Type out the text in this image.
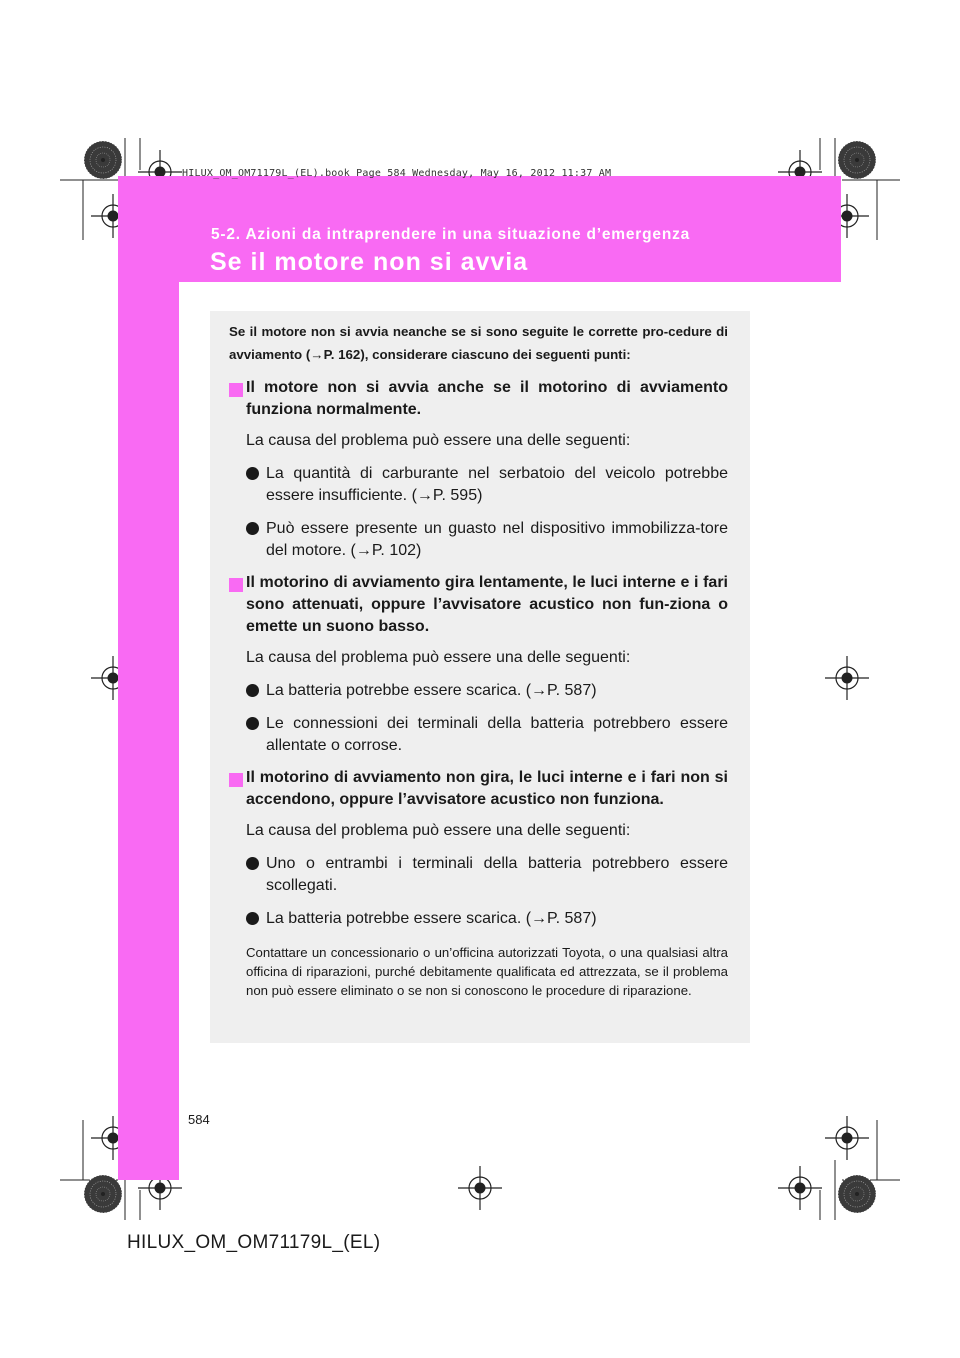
HILUX_OM_OM71179L_(EL).book Page 584 Wednesday, May 16, 2012 11:37 AM
5-2. Azioni da intraprendere in una situazione d’emergenza
Se il motore non si avvia

Se il motore non si avvia neanche se si sono seguite le corrette pro-cedure di avviamento (→P. 162), considerare ciascuno dei seguenti punti:

Il motore non si avvia anche se il motorino di avviamento funziona normalmente.

La causa del problema può essere una delle seguenti:

La quantità di carburante nel serbatoio del veicolo potrebbe essere insufficiente. (→P. 595)
Può essere presente un guasto nel dispositivo immobilizza-tore del motore. (→P. 102)

Il motorino di avviamento gira lentamente, le luci interne e i fari sono attenuati, oppure l’avvisatore acustico non fun-ziona o emette un suono basso.

La causa del problema può essere una delle seguenti:

La batteria potrebbe essere scarica. (→P. 587)
Le connessioni dei terminali della batteria potrebbero essere allentate o corrose.

Il motorino di avviamento non gira, le luci interne e i fari non si accendono, oppure l’avvisatore acustico non funziona.

La causa del problema può essere una delle seguenti:

Uno o entrambi i terminali della batteria potrebbero essere scollegati.
La batteria potrebbe essere scarica. (→P. 587)

Contattare un concessionario o un’officina autorizzati Toyota, o una qualsiasi altra officina di riparazioni, purché debitamente qualificata ed attrezzata, se il problema non può essere eliminato o se non si conoscono le procedure di riparazione.

584
HILUX_OM_OM71179L_(EL)
